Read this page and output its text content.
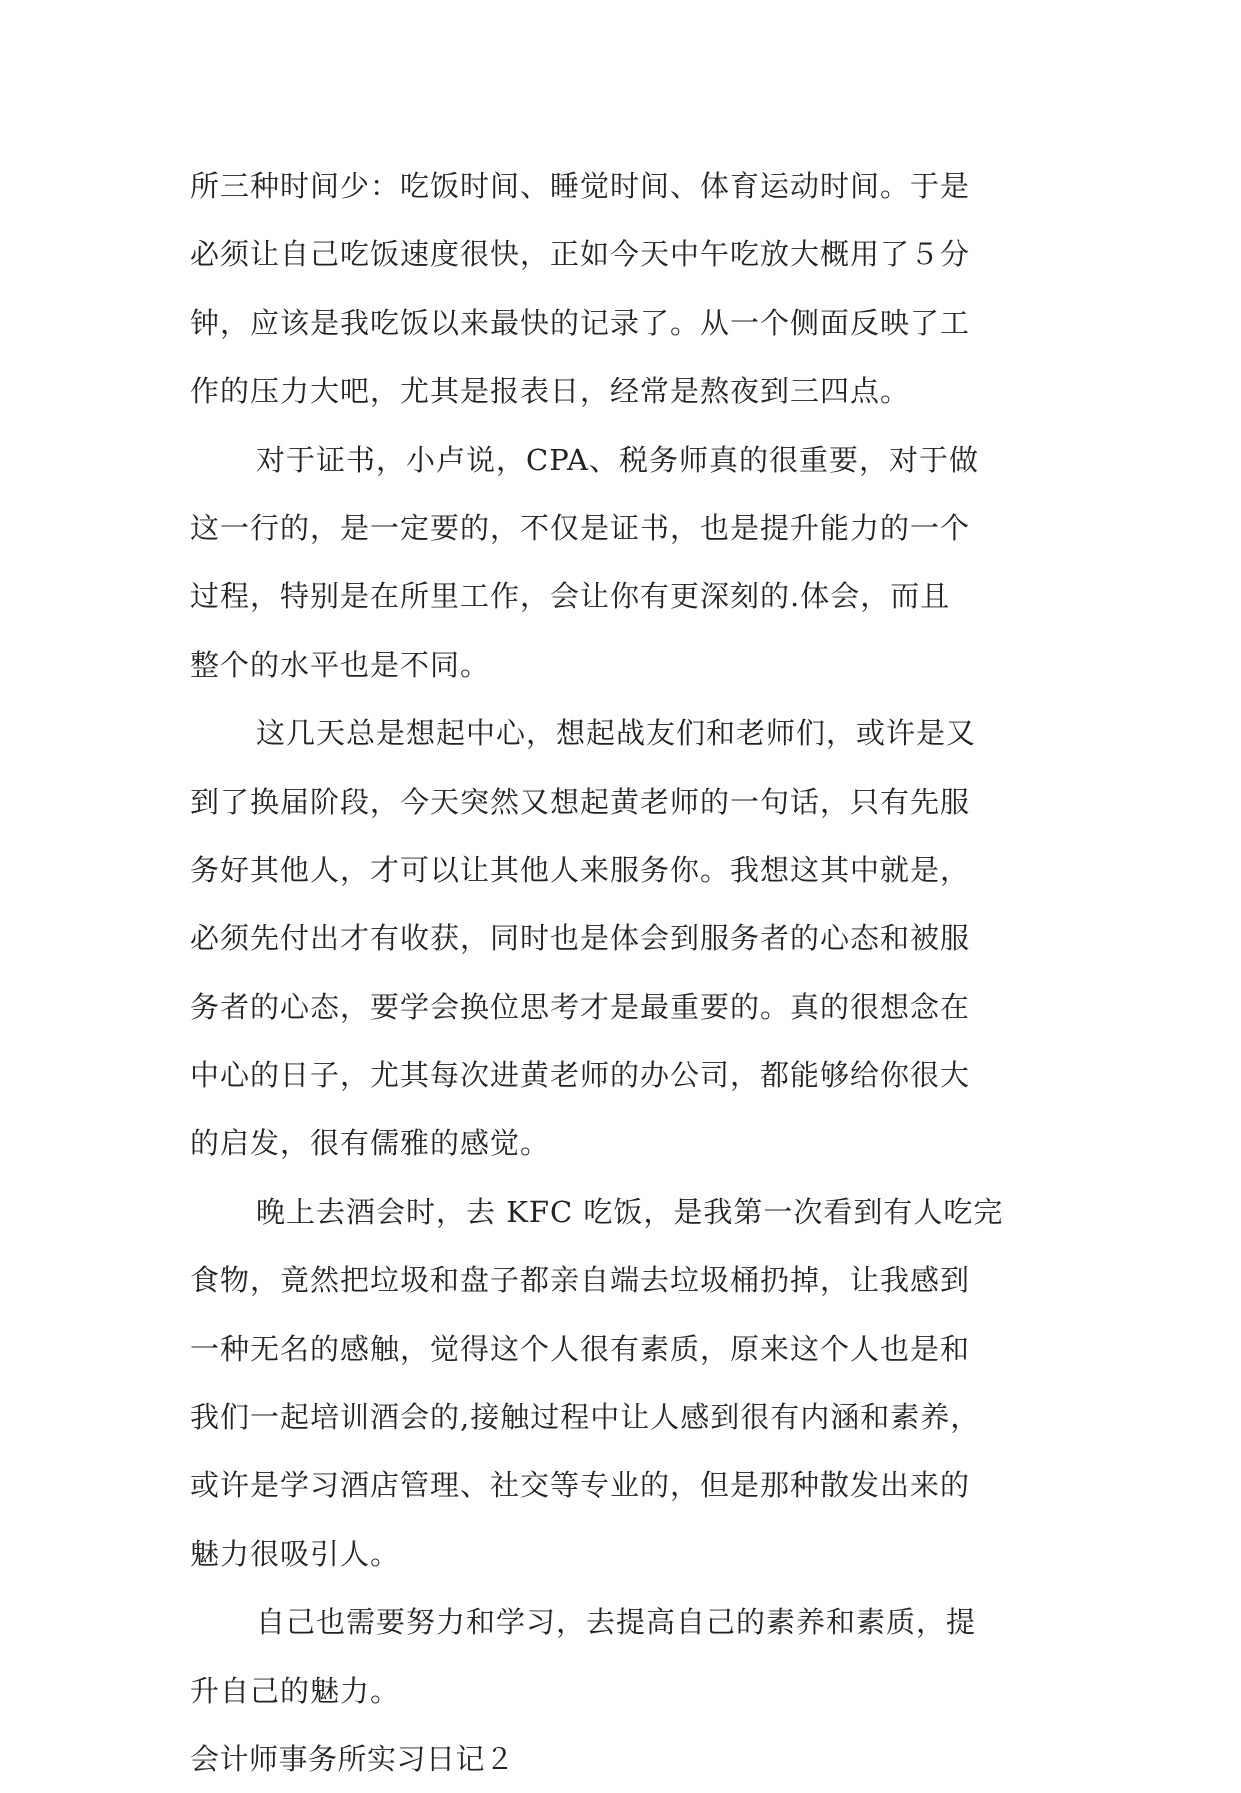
所三种时间少：吃饭时间、睡觉时间、体育运动时间。于是
必须让自己吃饭速度很快，正如今天中午吃放大概用了５分
钟，应该是我吃饭以来最快的记录了。从一个侧面反映了工
作的压力大吧，尤其是报表日，经常是熬夜到三四点。
对于证书，小卢说，CPA、税务师真的很重要，对于做
这一行的，是一定要的，不仅是证书，也是提升能力的一个
过程，特别是在所里工作，会让你有更深刻的.体会，而且
整个的水平也是不同。
这几天总是想起中心，想起战友们和老师们，或许是又
到了换届阶段，今天突然又想起黄老师的一句话，只有先服
务好其他人，才可以让其他人来服务你。我想这其中就是，
必须先付出才有收获，同时也是体会到服务者的心态和被服
务者的心态，要学会换位思考才是最重要的。真的很想念在
中心的日子，尤其每次进黄老师的办公司，都能够给你很大
的启发，很有儒雅的感觉。
晚上去酒会时，去 KFC 吃饭，是我第一次看到有人吃完
食物，竟然把垃圾和盘子都亲自端去垃圾桶扔掉，让我感到
一种无名的感触，觉得这个人很有素质，原来这个人也是和
我们一起培训酒会的,接触过程中让人感到很有内涵和素养，
或许是学习酒店管理、社交等专业的，但是那种散发出来的
魅力很吸引人。
自己也需要努力和学习，去提高自己的素养和素质，提
升自己的魅力。
会计师事务所实习日记２
